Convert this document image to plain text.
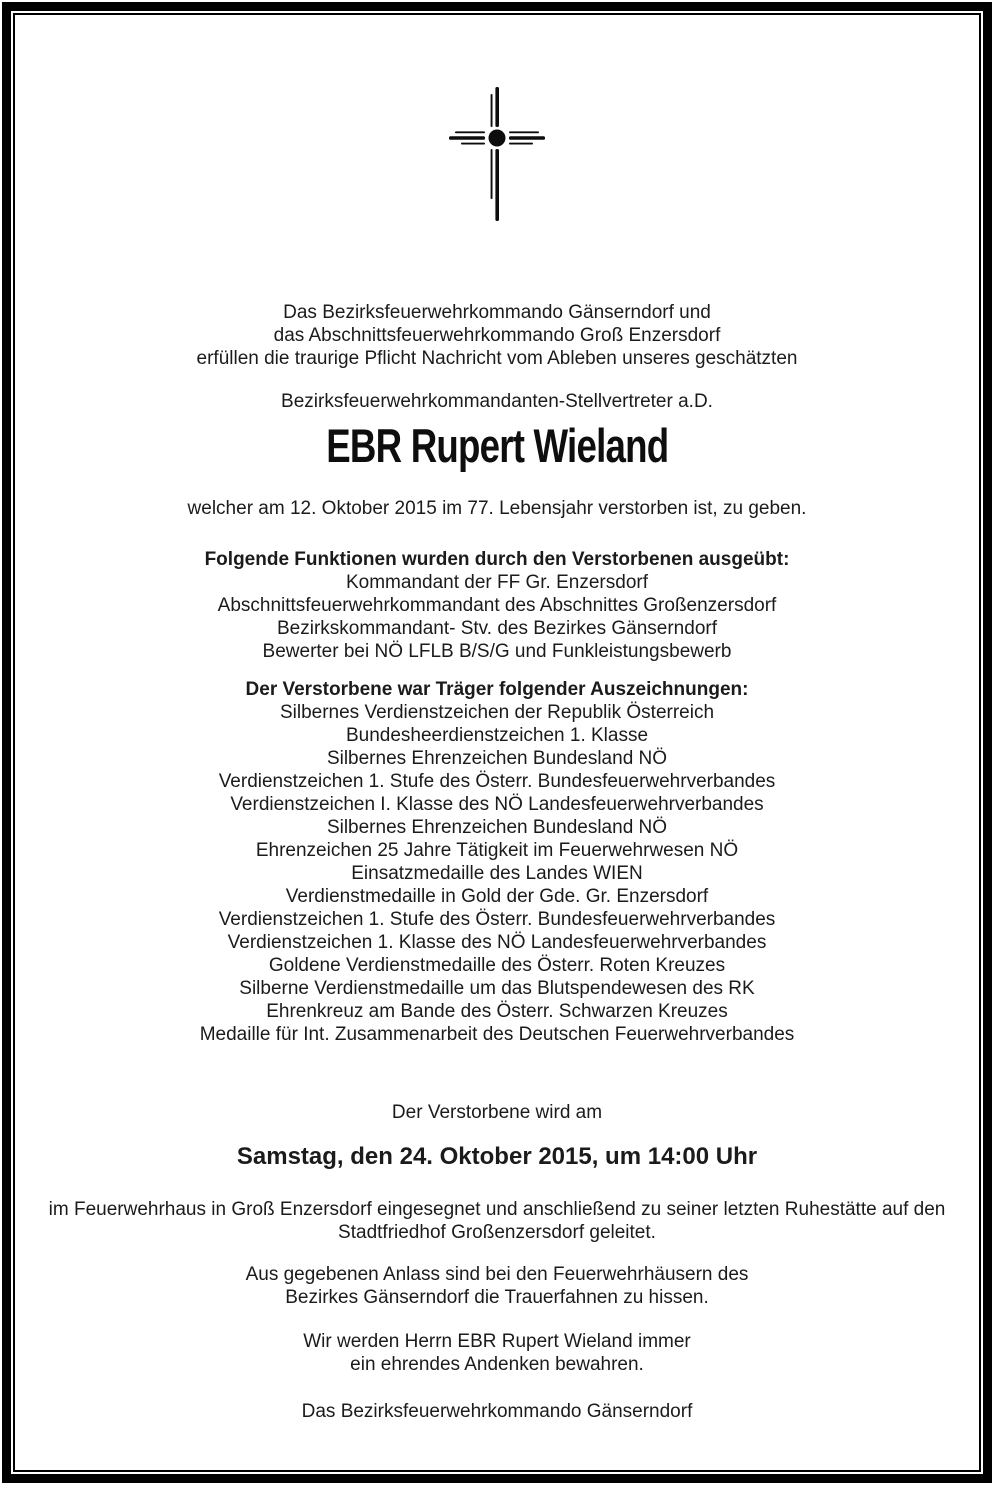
Das Bezirksfeuerwehrkommando Gänserndorf und
das Abschnittsfeuerwehrkommando Groß Enzersdorf
erfüllen die traurige Pflicht Nachricht vom Ableben unseres geschätzten
Bezirksfeuerwehrkommandanten-Stellvertreter a.D.
EBR Rupert Wieland
welcher am 12. Oktober 2015 im 77. Lebensjahr verstorben ist, zu geben.
Folgende Funktionen wurden durch den Verstorbenen ausgeübt:
Kommandant der FF Gr. Enzersdorf
Abschnittsfeuerwehrkommandant des Abschnittes Großenzersdorf
Bezirkskommandant- Stv. des Bezirkes Gänserndorf
Bewerter bei NÖ LFLB B/S/G und Funkleistungsbewerb
Der Verstorbene war Träger folgender Auszeichnungen:
Silbernes Verdienstzeichen der Republik Österreich
Bundesheerdienstzeichen 1. Klasse
Silbernes Ehrenzeichen Bundesland NÖ
Verdienstzeichen 1. Stufe des Österr. Bundesfeuerwehrverbandes
Verdienstzeichen I. Klasse des NÖ Landesfeuerwehrverbandes
Silbernes Ehrenzeichen Bundesland NÖ
Ehrenzeichen 25 Jahre Tätigkeit im Feuerwehrwesen NÖ
Einsatzmedaille des Landes WIEN
Verdienstmedaille in Gold der Gde. Gr. Enzersdorf
Verdienstzeichen 1. Stufe des Österr. Bundesfeuerwehrverbandes
Verdienstzeichen 1. Klasse des NÖ Landesfeuerwehrverbandes
Goldene Verdienstmedaille des Österr. Roten Kreuzes
Silberne Verdienstmedaille um das Blutspendewesen des RK
Ehrenkreuz am Bande des Österr. Schwarzen Kreuzes
Medaille für Int. Zusammenarbeit des Deutschen Feuerwehrverbandes
Der Verstorbene wird am
Samstag, den 24. Oktober 2015, um 14:00 Uhr
im Feuerwehrhaus in Groß Enzersdorf eingesegnet und anschließend zu seiner letzten Ruhestätte auf den
Stadtfriedhof Großenzersdorf geleitet.
Aus gegebenen Anlass sind bei den Feuerwehrhäusern des
Bezirkes Gänserndorf die Trauerfahnen zu hissen.
Wir werden Herrn EBR Rupert Wieland immer
ein ehrendes Andenken bewahren.
Das Bezirksfeuerwehrkommando Gänserndorf
